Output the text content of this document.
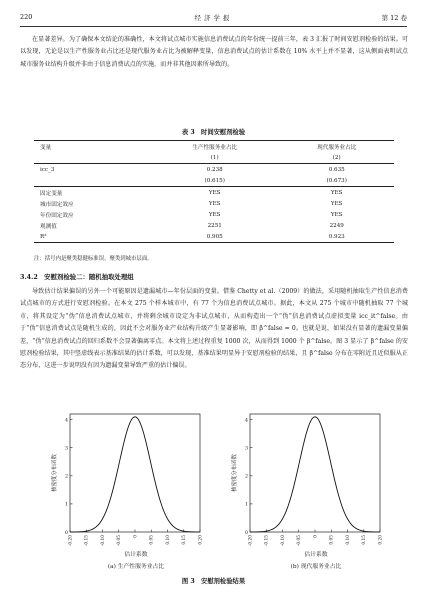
220	经济学报	第 12 卷

在显著差异。为了确保本文结论的准确性，本文将试点城市实施信息消费试点的年份统一提前三年，表 3 汇报了时间安慰剂检验的结果。可以发现，无论是以生产性服务业占比还是现代服务业占比为被解释变量，信息消费试点的估计系数在 10% 水平上并不显著，这从侧面表明试点城市服务业结构升级并非由于信息消费试点的实施，而并非其他因素所导致的。

表 3　时间安慰剂检验
变量	生产性服务业占比	现代服务业占比
	(1)	(2)
icc_3	0.238	0.635
	(0.615)	(0.673)
固定变量	YES	YES
城市固定效应	YES	YES
年份固定效应	YES	YES
观测值	2251	2249
R²	0.905	0.923
注：括号内是聚类稳健标准误，聚类到城市层面。
3.4.2　安慰剂检验二：随机抽取处理组

导致估计结果偏误的另外一个可能原因是遗漏城市—年份层面的变量。借鉴 Chetty et al.（2009）的做法，采用随机抽取生产性信息消费试点城市的方式进行安慰剂检验。在本文 275 个样本城市中，有 77 个为信息消费试点城市。据此，本文从 275 个城市中随机抽取 77 个城市，将其设定为“伪”信息消费试点城市，并将剩余城市设定为非试点城市，从而构造出一个“伪”信息消费试点虚拟变量 icc_it^false。由于“伪”信息消费试点是随机生成的，因此不会对服务业产业结构升级产生显著影响，即 β^false = 0。也就是说，如果没有显著的遗漏变量偏差，“伪”信息消费试点的回归系数不会显著偏离零点。本文将上述过程重复 1000 次，从而得到 1000 个 β^false。图 3 显示了 β^false 的安慰剂检验结果，其中竖虚线表示基准结果的估计系数，可以发现，基准结果明显异于安慰剂检验的结果，且 β^false 分布在零附近且近似服从正态分布，这进一步说明没有因为遗漏变量导致严重的估计偏误。

核密度分布函数
0
1
2
3
4
-0.20	-0.15	-0.10	-0.05	0	0.05	0.10	0.15	0.20
核密度分布函数
0
1
2
3
4
-0.20	-0.15	-0.10	-0.05	0	0.05	0.10	0.15	0.20
估计系数	估计系数
(a) 生产性服务业占比	(b) 现代服务业占比
图 3　安慰剂检验结果
